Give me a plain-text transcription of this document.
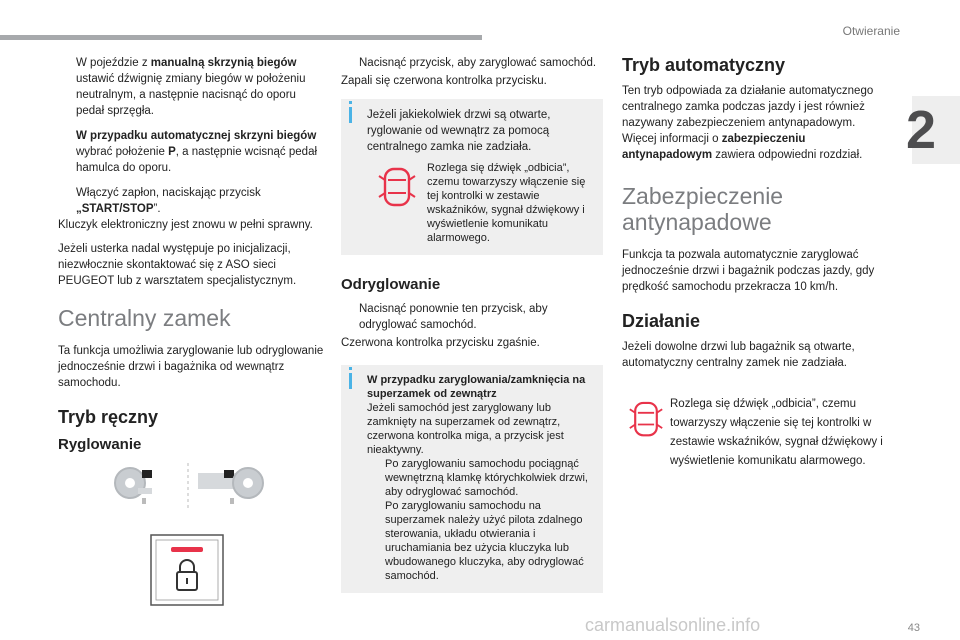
Otwieranie
2
W pojeździe z manualną skrzynią biegów ustawić dźwignię zmiany biegów w położeniu neutralnym, a następnie nacisnąć do oporu pedał sprzęgła.
W przypadku automatycznej skrzyni biegów wybrać położenie P, a następnie wcisnąć pedał hamulca do oporu.
Włączyć zapłon, naciskając przycisk „START/STOP”.

Kluczyk elektroniczny jest znowu w pełni sprawny.

Jeżeli usterka nadal występuje po inicjalizacji, niezwłocznie skontaktować się z ASO sieci PEUGEOT lub z warsztatem specjalistycznym.

Centralny zamek

Ta funkcja umożliwia zaryglowanie lub odryglowanie jednocześnie drzwi i bagażnika od wewnątrz samochodu.

Tryb ręczny
Ryglowanie
Nacisnąć przycisk, aby zaryglować samochód.

Zapali się czerwona kontrolka przycisku.

Jeżeli jakiekolwiek drzwi są otwarte, ryglowanie od wewnątrz za pomocą centralnego zamka nie zadziała.
Rozlega się dźwięk „odbicia”, czemu towarzyszy włączenie się tej kontrolki w zestawie wskaźników, sygnał dźwiękowy i wyświetlenie komunikatu alarmowego.
Odryglowanie
Nacisnąć ponownie ten przycisk, aby odryglować samochód.

Czerwona kontrolka przycisku zgaśnie.

W przypadku zaryglowania/zamknięcia na superzamek od zewnątrz
Jeżeli samochód jest zaryglowany lub zamknięty na superzamek od zewnątrz, czerwona kontrolka miga, a przycisk jest nieaktywny.
Po zaryglowaniu samochodu pociągnąć wewnętrzną klamkę którychkolwiek drzwi, aby odryglować samochód.
Po zaryglowaniu samochodu na superzamek należy użyć pilota zdalnego sterowania, układu otwierania i uruchamiania bez użycia kluczyka lub wbudowanego kluczyka, aby odryglować samochód.
Tryb automatyczny

Ten tryb odpowiada za działanie automatycznego centralnego zamka podczas jazdy i jest również nazywany zabezpieczeniem antynapadowym.

Więcej informacji o zabezpieczeniu antynapadowym zawiera odpowiedni rozdział.

Zabezpieczenie antynapadowe

Funkcja ta pozwala automatycznie zaryglować jednocześnie drzwi i bagażnik podczas jazdy, gdy prędkość samochodu przekracza 10 km/h.

Działanie

Jeżeli dowolne drzwi lub bagażnik są otwarte, automatyczny centralny zamek nie zadziała.

Rozlega się dźwięk „odbicia”, czemu towarzyszy włączenie się tej kontrolki w zestawie wskaźników, sygnał dźwiękowy i wyświetlenie komunikatu alarmowego.
carmanualsonline.info	43
